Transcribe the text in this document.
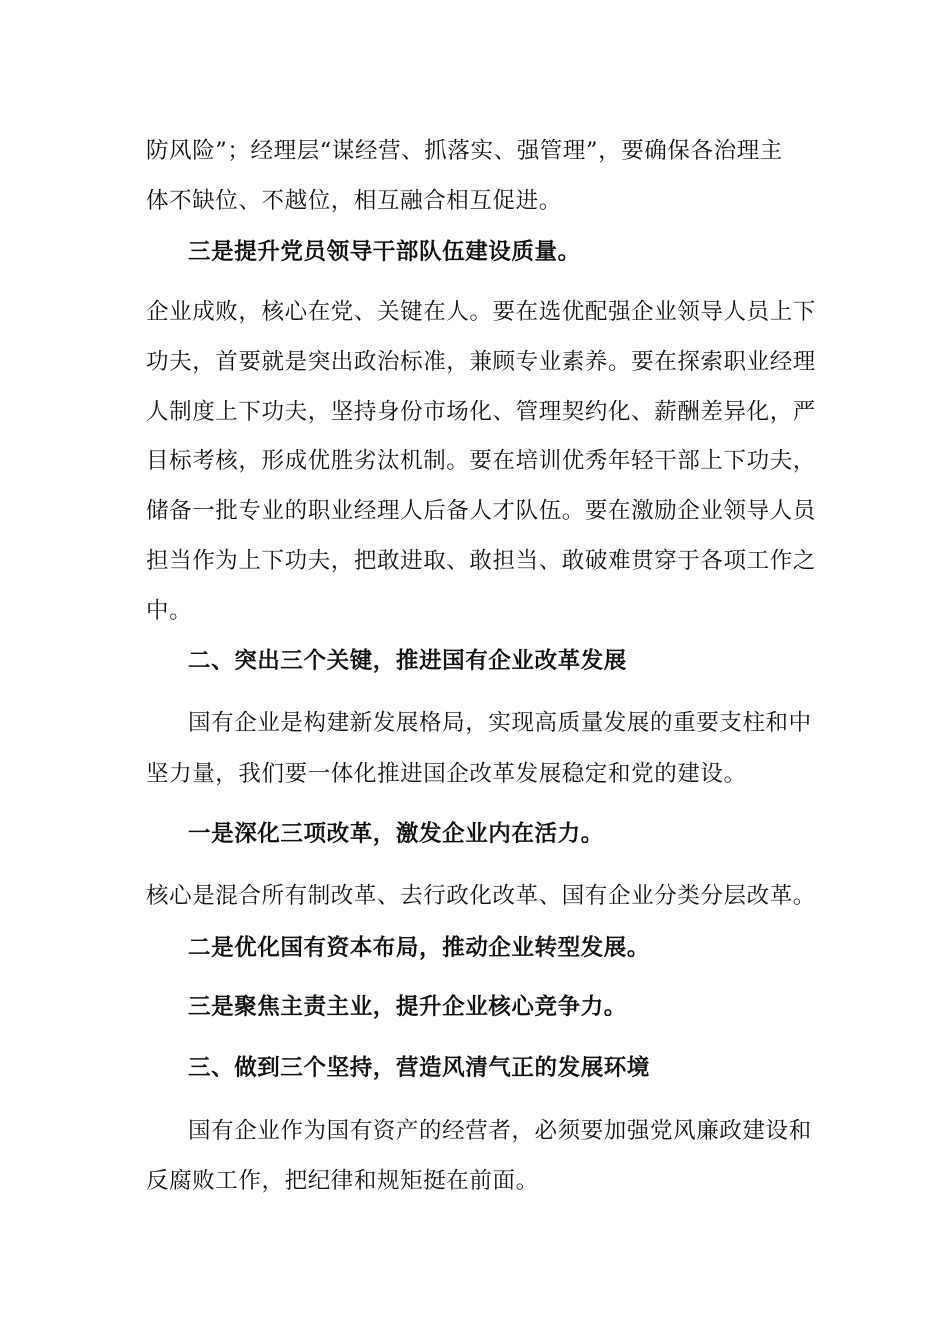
防风险”；经理层“谋经营、抓落实、强管理”，要确保各治理主
体不缺位、不越位，相互融合相互促进。
三是提升党员领导干部队伍建设质量。
企业成败，核心在党、关键在人。要在选优配强企业领导人员上下
功夫，首要就是突出政治标准，兼顾专业素养。要在探索职业经理
人制度上下功夫，坚持身份市场化、管理契约化、薪酬差异化，严
目标考核，形成优胜劣汰机制。要在培训优秀年轻干部上下功夫，
储备一批专业的职业经理人后备人才队伍。要在激励企业领导人员
担当作为上下功夫，把敢进取、敢担当、敢破难贯穿于各项工作之
中。
二、突出三个关键，推进国有企业改革发展
国有企业是构建新发展格局，实现高质量发展的重要支柱和中
坚力量，我们要一体化推进国企改革发展稳定和党的建设。
一是深化三项改革，激发企业内在活力。
核心是混合所有制改革、去行政化改革、国有企业分类分层改革。
二是优化国有资本布局，推动企业转型发展。
三是聚焦主责主业，提升企业核心竞争力。
三、做到三个坚持，营造风清气正的发展环境
国有企业作为国有资产的经营者，必须要加强党风廉政建设和
反腐败工作，把纪律和规矩挺在前面。
